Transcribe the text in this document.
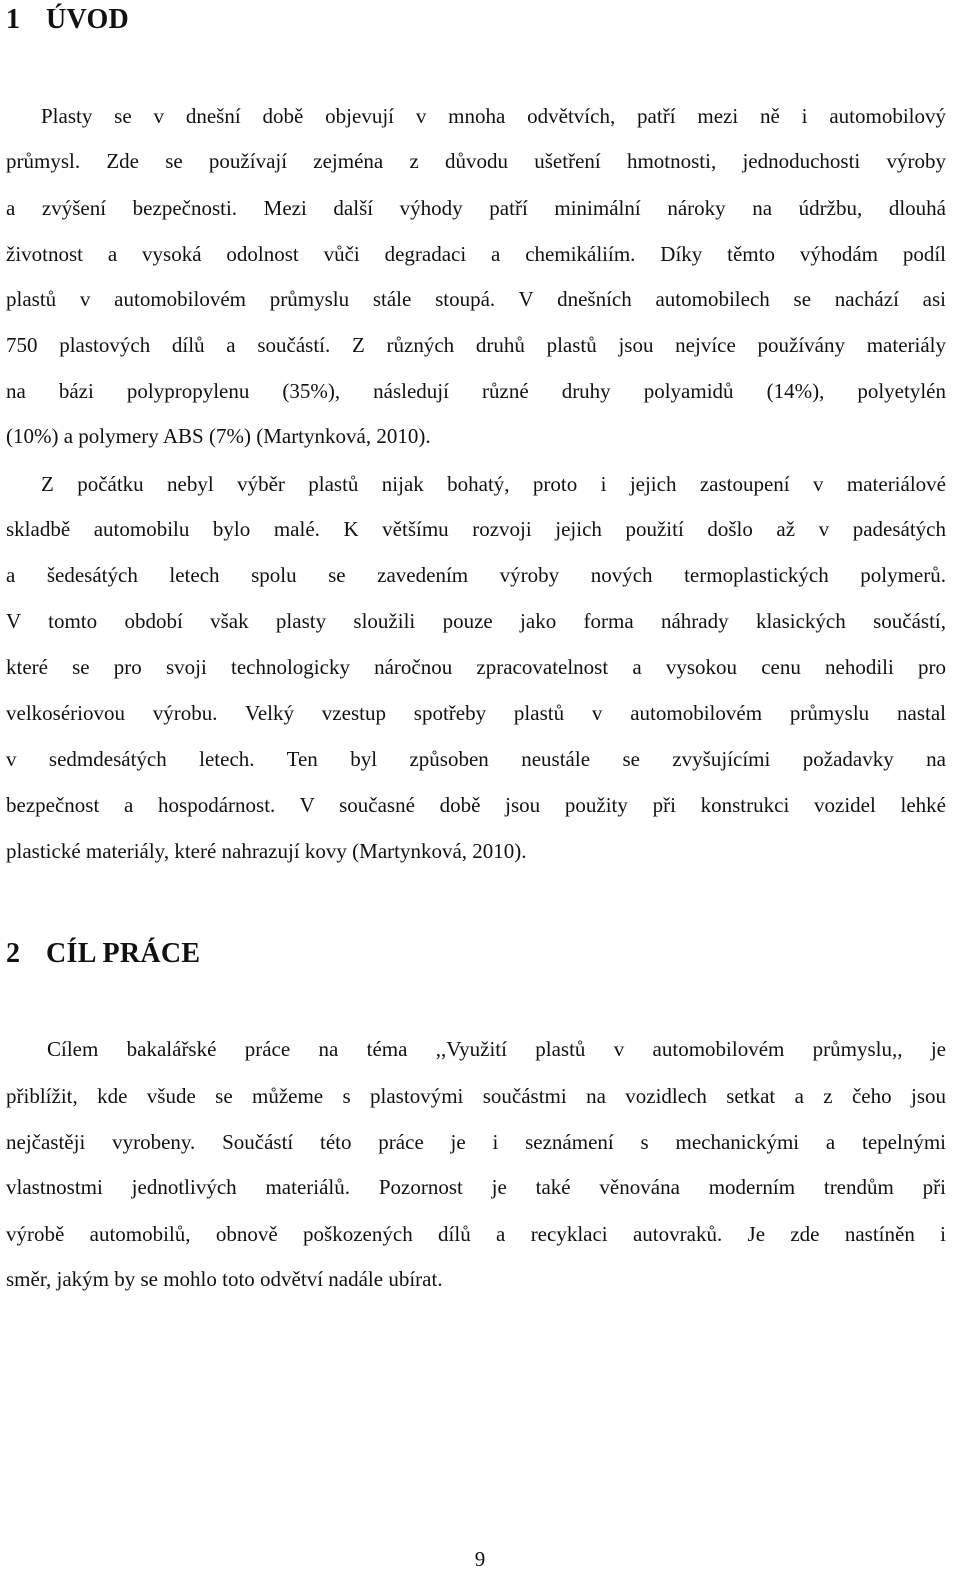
1 ÚVOD

Plasty se v dnešní době objevují v mnoha odvětvích, patří mezi ně i automobilový

průmysl. Zde se používají zejména z důvodu ušetření hmotnosti, jednoduchosti výroby

a zvýšení bezpečnosti. Mezi další výhody patří minimální nároky na údržbu, dlouhá

životnost a vysoká odolnost vůči degradaci a chemikáliím. Díky těmto výhodám podíl

plastů v automobilovém průmyslu stále stoupá. V dnešních automobilech se nachází asi

750 plastových dílů a součástí. Z různých druhů plastů jsou nejvíce používány materiály

na bázi polypropylenu (35%), následují různé druhy polyamidů (14%), polyetylén

(10%) a polymery ABS (7%) (Martynková, 2010).

Z počátku nebyl výběr plastů nijak bohatý, proto i jejich zastoupení v materiálové

skladbě automobilu bylo malé. K většímu rozvoji jejich použití došlo až v padesátých

a šedesátých letech spolu se zavedením výroby nových termoplastických polymerů.

V tomto období však plasty sloužili pouze jako forma náhrady klasických součástí,

které se pro svoji technologicky náročnou zpracovatelnost a vysokou cenu nehodili pro

velkosériovou výrobu. Velký vzestup spotřeby plastů v automobilovém průmyslu nastal

v sedmdesátých letech. Ten byl způsoben neustále se zvyšujícími požadavky na

bezpečnost a hospodárnost. V současné době jsou použity při konstrukci vozidel lehké

plastické materiály, které nahrazují kovy (Martynková, 2010).

2 CÍL PRÁCE

Cílem bakalářské práce na téma ,,Využití plastů v automobilovém průmyslu,, je

přiblížit, kde všude se můžeme s plastovými součástmi na vozidlech setkat a z čeho jsou

nejčastěji vyrobeny. Součástí této práce je i seznámení s mechanickými a tepelnými

vlastnostmi jednotlivých materiálů. Pozornost je také věnována moderním trendům při

výrobě automobilů, obnově poškozených dílů a recyklaci autovraků. Je zde nastíněn i

směr, jakým by se mohlo toto odvětví nadále ubírat.

9
